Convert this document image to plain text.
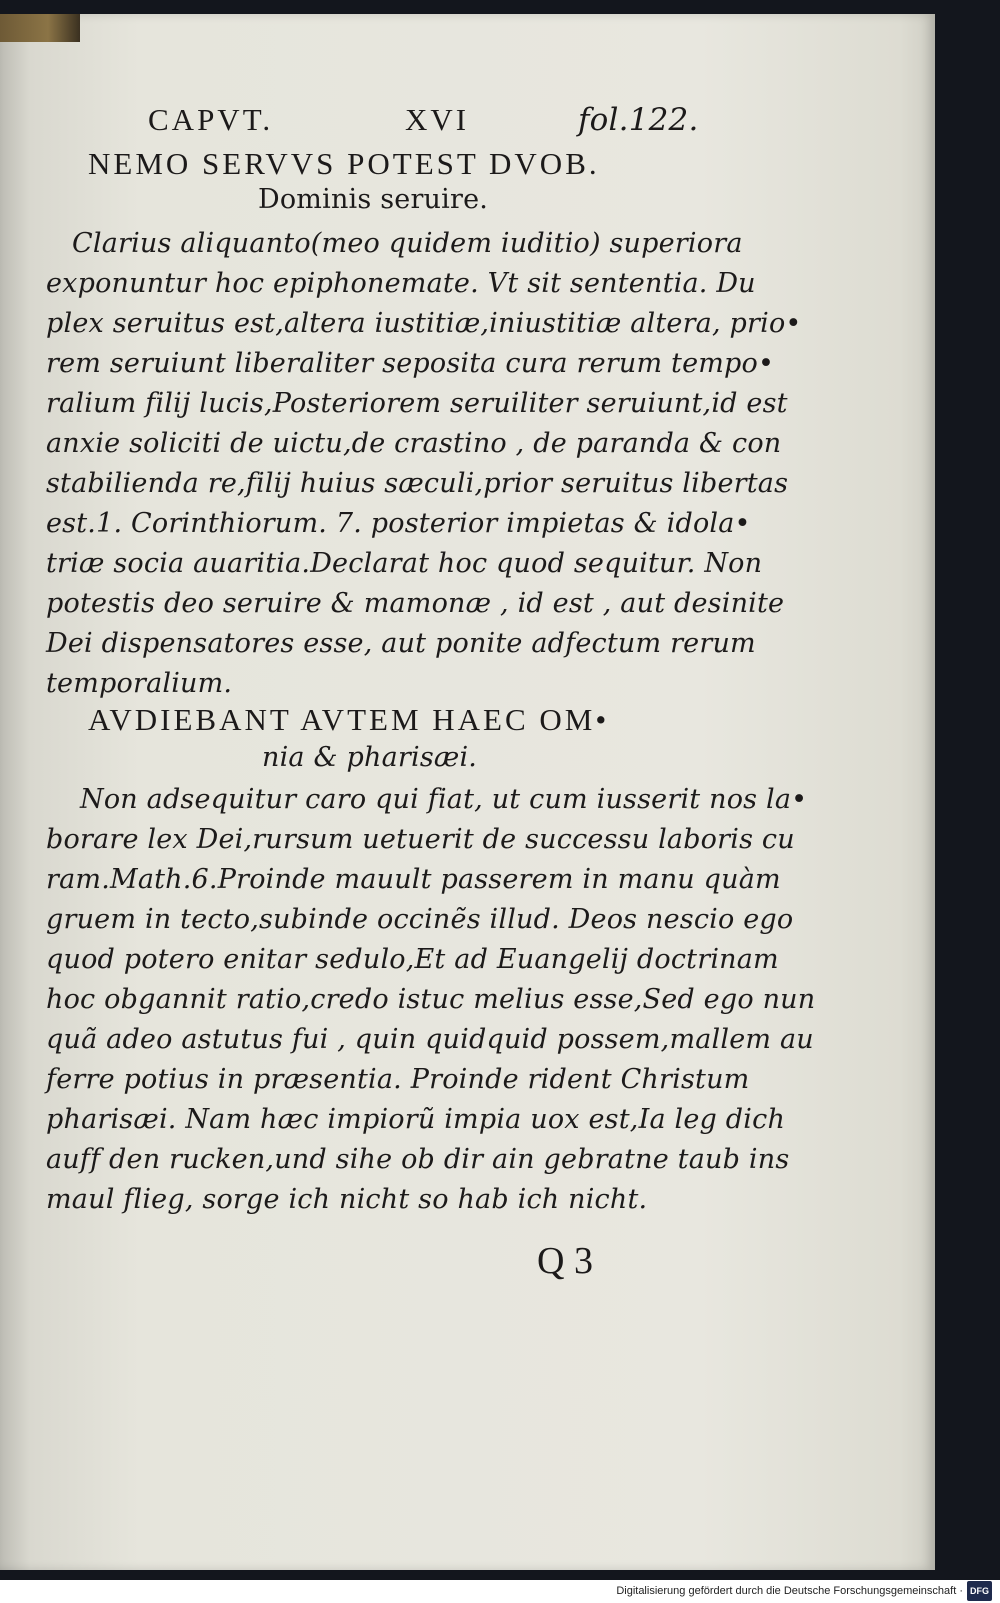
CAPVT.	XVI	fol.122.
NEMO SERVVS POTEST DVOB.
Dominis seruire.
Clarius aliquanto(meo quidem iuditio) superiora
exponuntur hoc epiphonemate. Vt sit sententia. Du
plex seruitus est,altera iustitiæ,iniustitiæ altera, prio•
rem seruiunt liberaliter seposita cura rerum tempo•
ralium filij lucis,Posteriorem seruiliter seruiunt,id est
anxie soliciti de uictu,de crastino , de paranda & con
stabilienda re,filij huius sæculi,prior seruitus libertas
est.1. Corinthiorum. 7. posterior impietas & idola•
triæ socia auaritia.Declarat hoc quod sequitur. Non
potestis deo seruire & mamonæ , id est , aut desinite
Dei dispensatores esse, aut ponite adfectum rerum
temporalium.
AVDIEBANT AVTEM HAEC OM•
nia & pharisæi.
Non adsequitur caro qui fiat, ut cum iusserit nos la•
borare lex Dei,rursum uetuerit de successu laboris cu
ram.Math.6.Proinde mauult passerem in manu quàm
gruem in tecto,subinde occinẽs illud. Deos nescio ego
quod potero enitar sedulo,Et ad Euangelij doctrinam
hoc obgannit ratio,credo istuc melius esse,Sed ego nun
quã adeo astutus fui , quin quidquid possem,mallem au
ferre potius in præsentia. Proinde rident Christum
pharisæi. Nam hæc impiorũ impia uox est,Ia leg dich
auff den rucken,und sihe ob dir ain gebratne taub ins
maul flieg, sorge ich nicht so hab ich nicht.
Q 3
Digitalisierung gefördert durch die Deutsche Forschungsgemeinschaft · DFG
